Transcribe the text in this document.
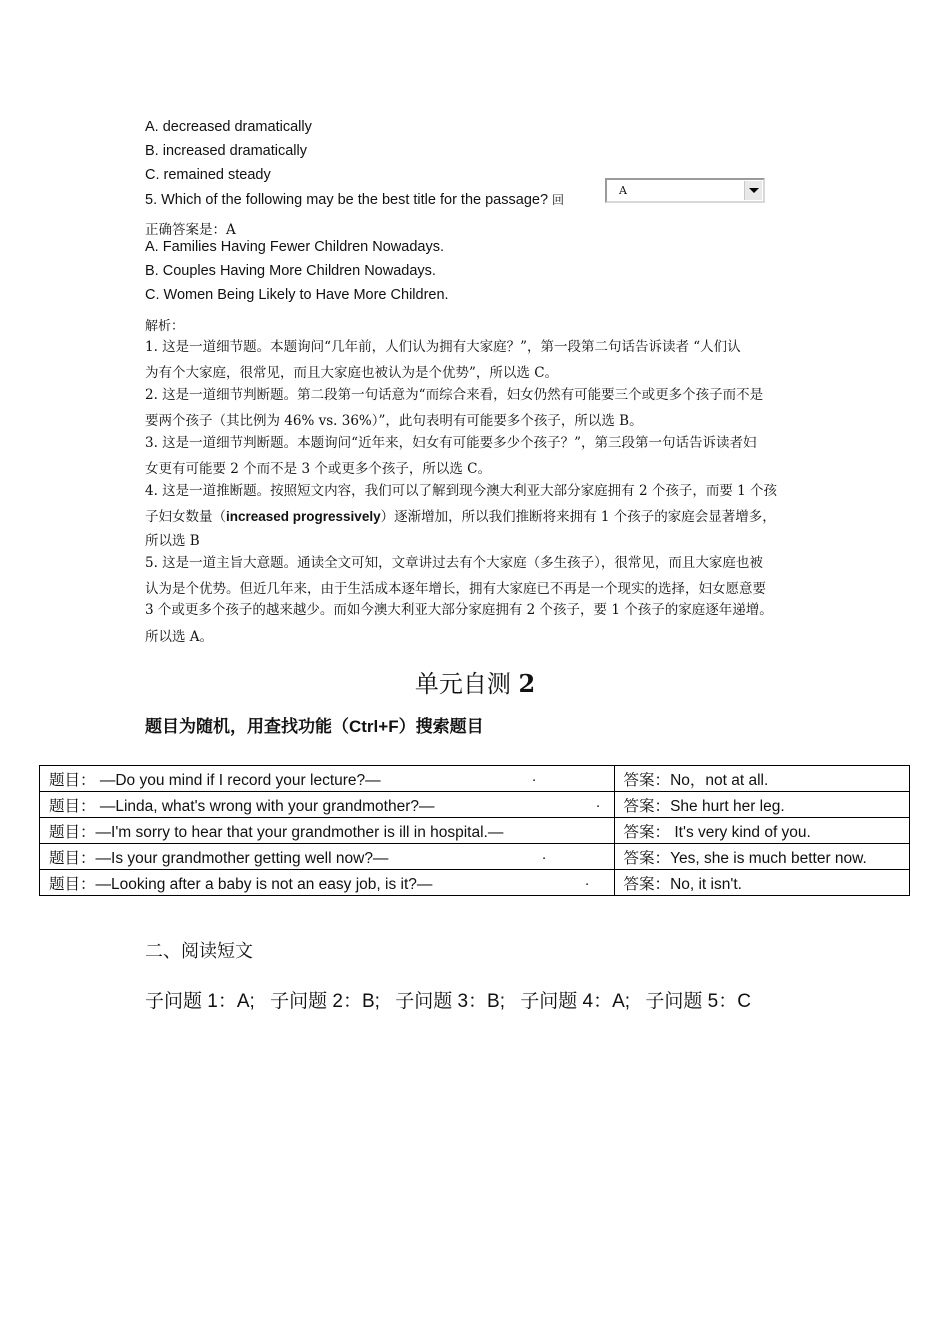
A. decreased dramatically
B. increased dramatically
C. remained steady
5. Which of the following may be the best title for the passage? 回
A
正确答案是：A
A. Families Having Fewer Children Nowadays.
B. Couples Having More Children Nowadays.
C. Women Being Likely to Have More Children.
解析：
1. 这是一道细节题。本题询问“几年前，人们认为拥有大家庭？”，第一段第二句话告诉读者 “人们认
为有个大家庭，很常见，而且大家庭也被认为是个优势”，所以选 C。
2. 这是一道细节判断题。第二段第一句话意为“而综合来看，妇女仍然有可能要三个或更多个孩子而不是
要两个孩子（其比例为 46% vs. 36%）”，此句表明有可能要多个孩子，所以选 B。
3. 这是一道细节判断题。本题询问“近年来，妇女有可能要多少个孩子？”，第三段第一句话告诉读者妇
女更有可能要 2 个而不是 3 个或更多个孩子，所以选 C。
4. 这是一道推断题。按照短文内容，我们可以了解到现今澳大利亚大部分家庭拥有 2 个孩子，而要 1 个孩
子妇女数量（increased progressively）逐渐增加，所以我们推断将来拥有 1 个孩子的家庭会显著增多，
所以选 B
5. 这是一道主旨大意题。通读全文可知，文章讲过去有个大家庭（多生孩子），很常见，而且大家庭也被
认为是个优势。但近几年来，由于生活成本逐年增长，拥有大家庭已不再是一个现实的选择，妇女愿意要
3 个或更多个孩子的越来越少。而如今澳大利亚大部分家庭拥有 2 个孩子，要 1 个孩子的家庭逐年递增。
所以选 A。
单元自测 2
题目为随机，用查找功能（Ctrl+F）搜索题目
题目： —Do you mind if I record your lecture?— .	答案：No，not at all.
题目： —Linda, what's wrong with your grandmother?— .	答案：She hurt her leg.
题目：—I'm sorry to hear that your grandmother is ill in hospital.—	答案： It's very kind of you.
题目：—Is your grandmother getting well now?— .	答案：Yes, she is much better now.
题目：—Looking after a baby is not an easy job, is it?— .	答案：No, it isn't.
二、阅读短文
子问题 1：A; 子问题 2：B; 子问题 3：B; 子问题 4：A; 子问题 5：C
